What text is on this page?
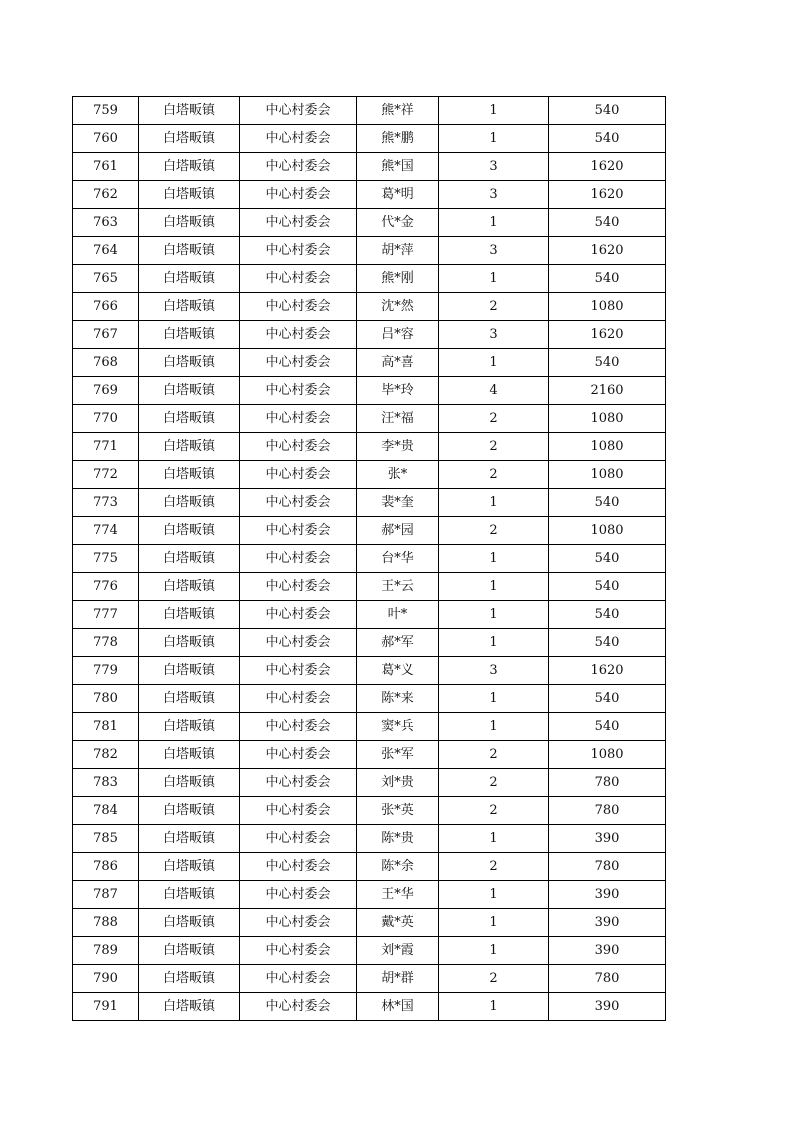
759	白塔畈镇	中心村委会	熊*祥	1	540
760	白塔畈镇	中心村委会	熊*鹏	1	540
761	白塔畈镇	中心村委会	熊*国	3	1620
762	白塔畈镇	中心村委会	葛*明	3	1620
763	白塔畈镇	中心村委会	代*金	1	540
764	白塔畈镇	中心村委会	胡*萍	3	1620
765	白塔畈镇	中心村委会	熊*刚	1	540
766	白塔畈镇	中心村委会	沈*然	2	1080
767	白塔畈镇	中心村委会	吕*容	3	1620
768	白塔畈镇	中心村委会	高*喜	1	540
769	白塔畈镇	中心村委会	毕*玲	4	2160
770	白塔畈镇	中心村委会	汪*福	2	1080
771	白塔畈镇	中心村委会	李*贵	2	1080
772	白塔畈镇	中心村委会	张*	2	1080
773	白塔畈镇	中心村委会	裴*奎	1	540
774	白塔畈镇	中心村委会	郝*园	2	1080
775	白塔畈镇	中心村委会	台*华	1	540
776	白塔畈镇	中心村委会	王*云	1	540
777	白塔畈镇	中心村委会	叶*	1	540
778	白塔畈镇	中心村委会	郝*军	1	540
779	白塔畈镇	中心村委会	葛*义	3	1620
780	白塔畈镇	中心村委会	陈*来	1	540
781	白塔畈镇	中心村委会	窦*兵	1	540
782	白塔畈镇	中心村委会	张*军	2	1080
783	白塔畈镇	中心村委会	刘*贵	2	780
784	白塔畈镇	中心村委会	张*英	2	780
785	白塔畈镇	中心村委会	陈*贵	1	390
786	白塔畈镇	中心村委会	陈*余	2	780
787	白塔畈镇	中心村委会	王*华	1	390
788	白塔畈镇	中心村委会	戴*英	1	390
789	白塔畈镇	中心村委会	刘*霞	1	390
790	白塔畈镇	中心村委会	胡*群	2	780
791	白塔畈镇	中心村委会	林*国	1	390
